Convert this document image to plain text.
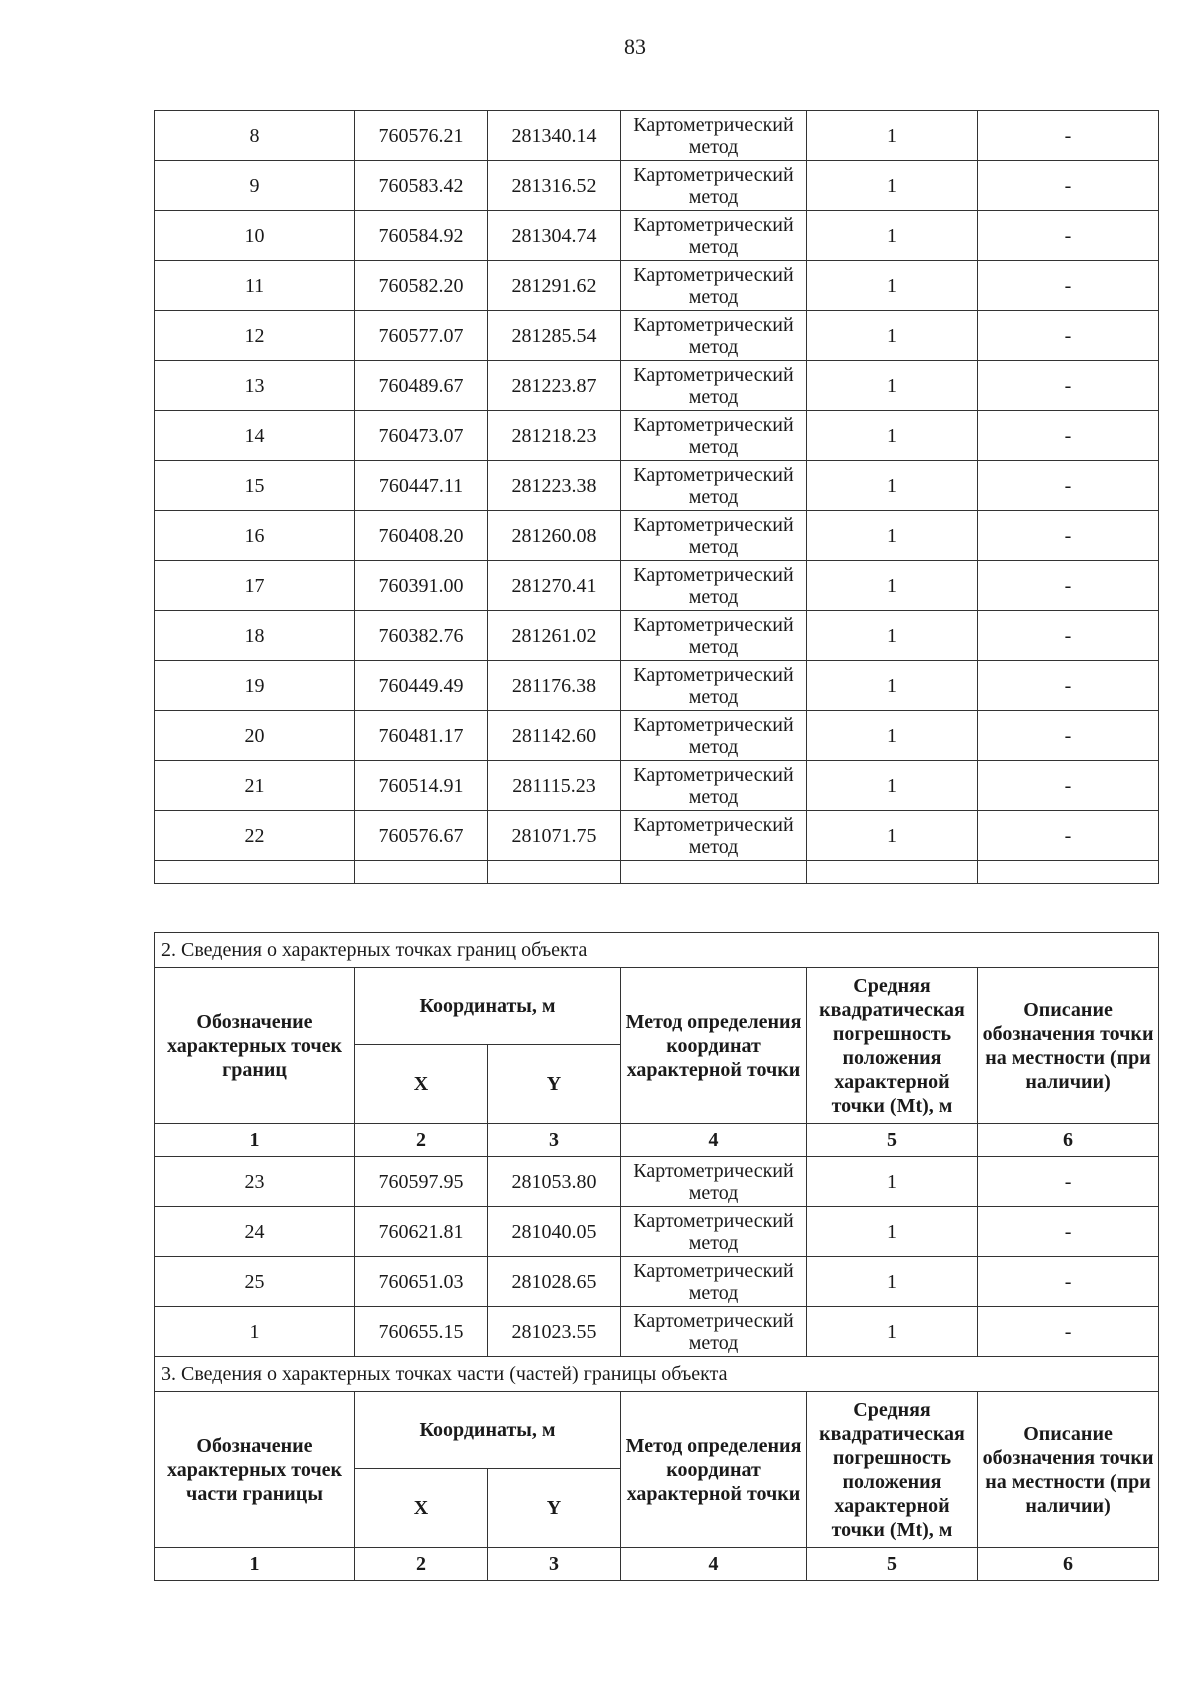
83
8	760576.21	281340.14	Картометрический метод	1	-
9	760583.42	281316.52	Картометрический метод	1	-
10	760584.92	281304.74	Картометрический метод	1	-
11	760582.20	281291.62	Картометрический метод	1	-
12	760577.07	281285.54	Картометрический метод	1	-
13	760489.67	281223.87	Картометрический метод	1	-
14	760473.07	281218.23	Картометрический метод	1	-
15	760447.11	281223.38	Картометрический метод	1	-
16	760408.20	281260.08	Картометрический метод	1	-
17	760391.00	281270.41	Картометрический метод	1	-
18	760382.76	281261.02	Картометрический метод	1	-
19	760449.49	281176.38	Картометрический метод	1	-
20	760481.17	281142.60	Картометрический метод	1	-
21	760514.91	281115.23	Картометрический метод	1	-
22	760576.67	281071.75	Картометрический метод	1	-

2. Сведения о характерных точках границ объекта					
Обозначение характерных точек границ	Координаты, м		Метод определения координат характерной точки	Средняя квадратическая погрешность положения характерной точки (Mt), м	Описание обозначения точки на местности (при наличии)
	X	Y			
1	2	3	4	5	6
23	760597.95	281053.80	Картометрический метод	1	-
24	760621.81	281040.05	Картометрический метод	1	-
25	760651.03	281028.65	Картометрический метод	1	-
1	760655.15	281023.55	Картометрический метод	1	-
3. Сведения о характерных точках части (частей) границы объекта					
Обозначение характерных точек части границы	Координаты, м		Метод определения координат характерной точки	Средняя квадратическая погрешность положения характерной точки (Mt), м	Описание обозначения точки на местности (при наличии)
	X	Y			
1	2	3	4	5	6
